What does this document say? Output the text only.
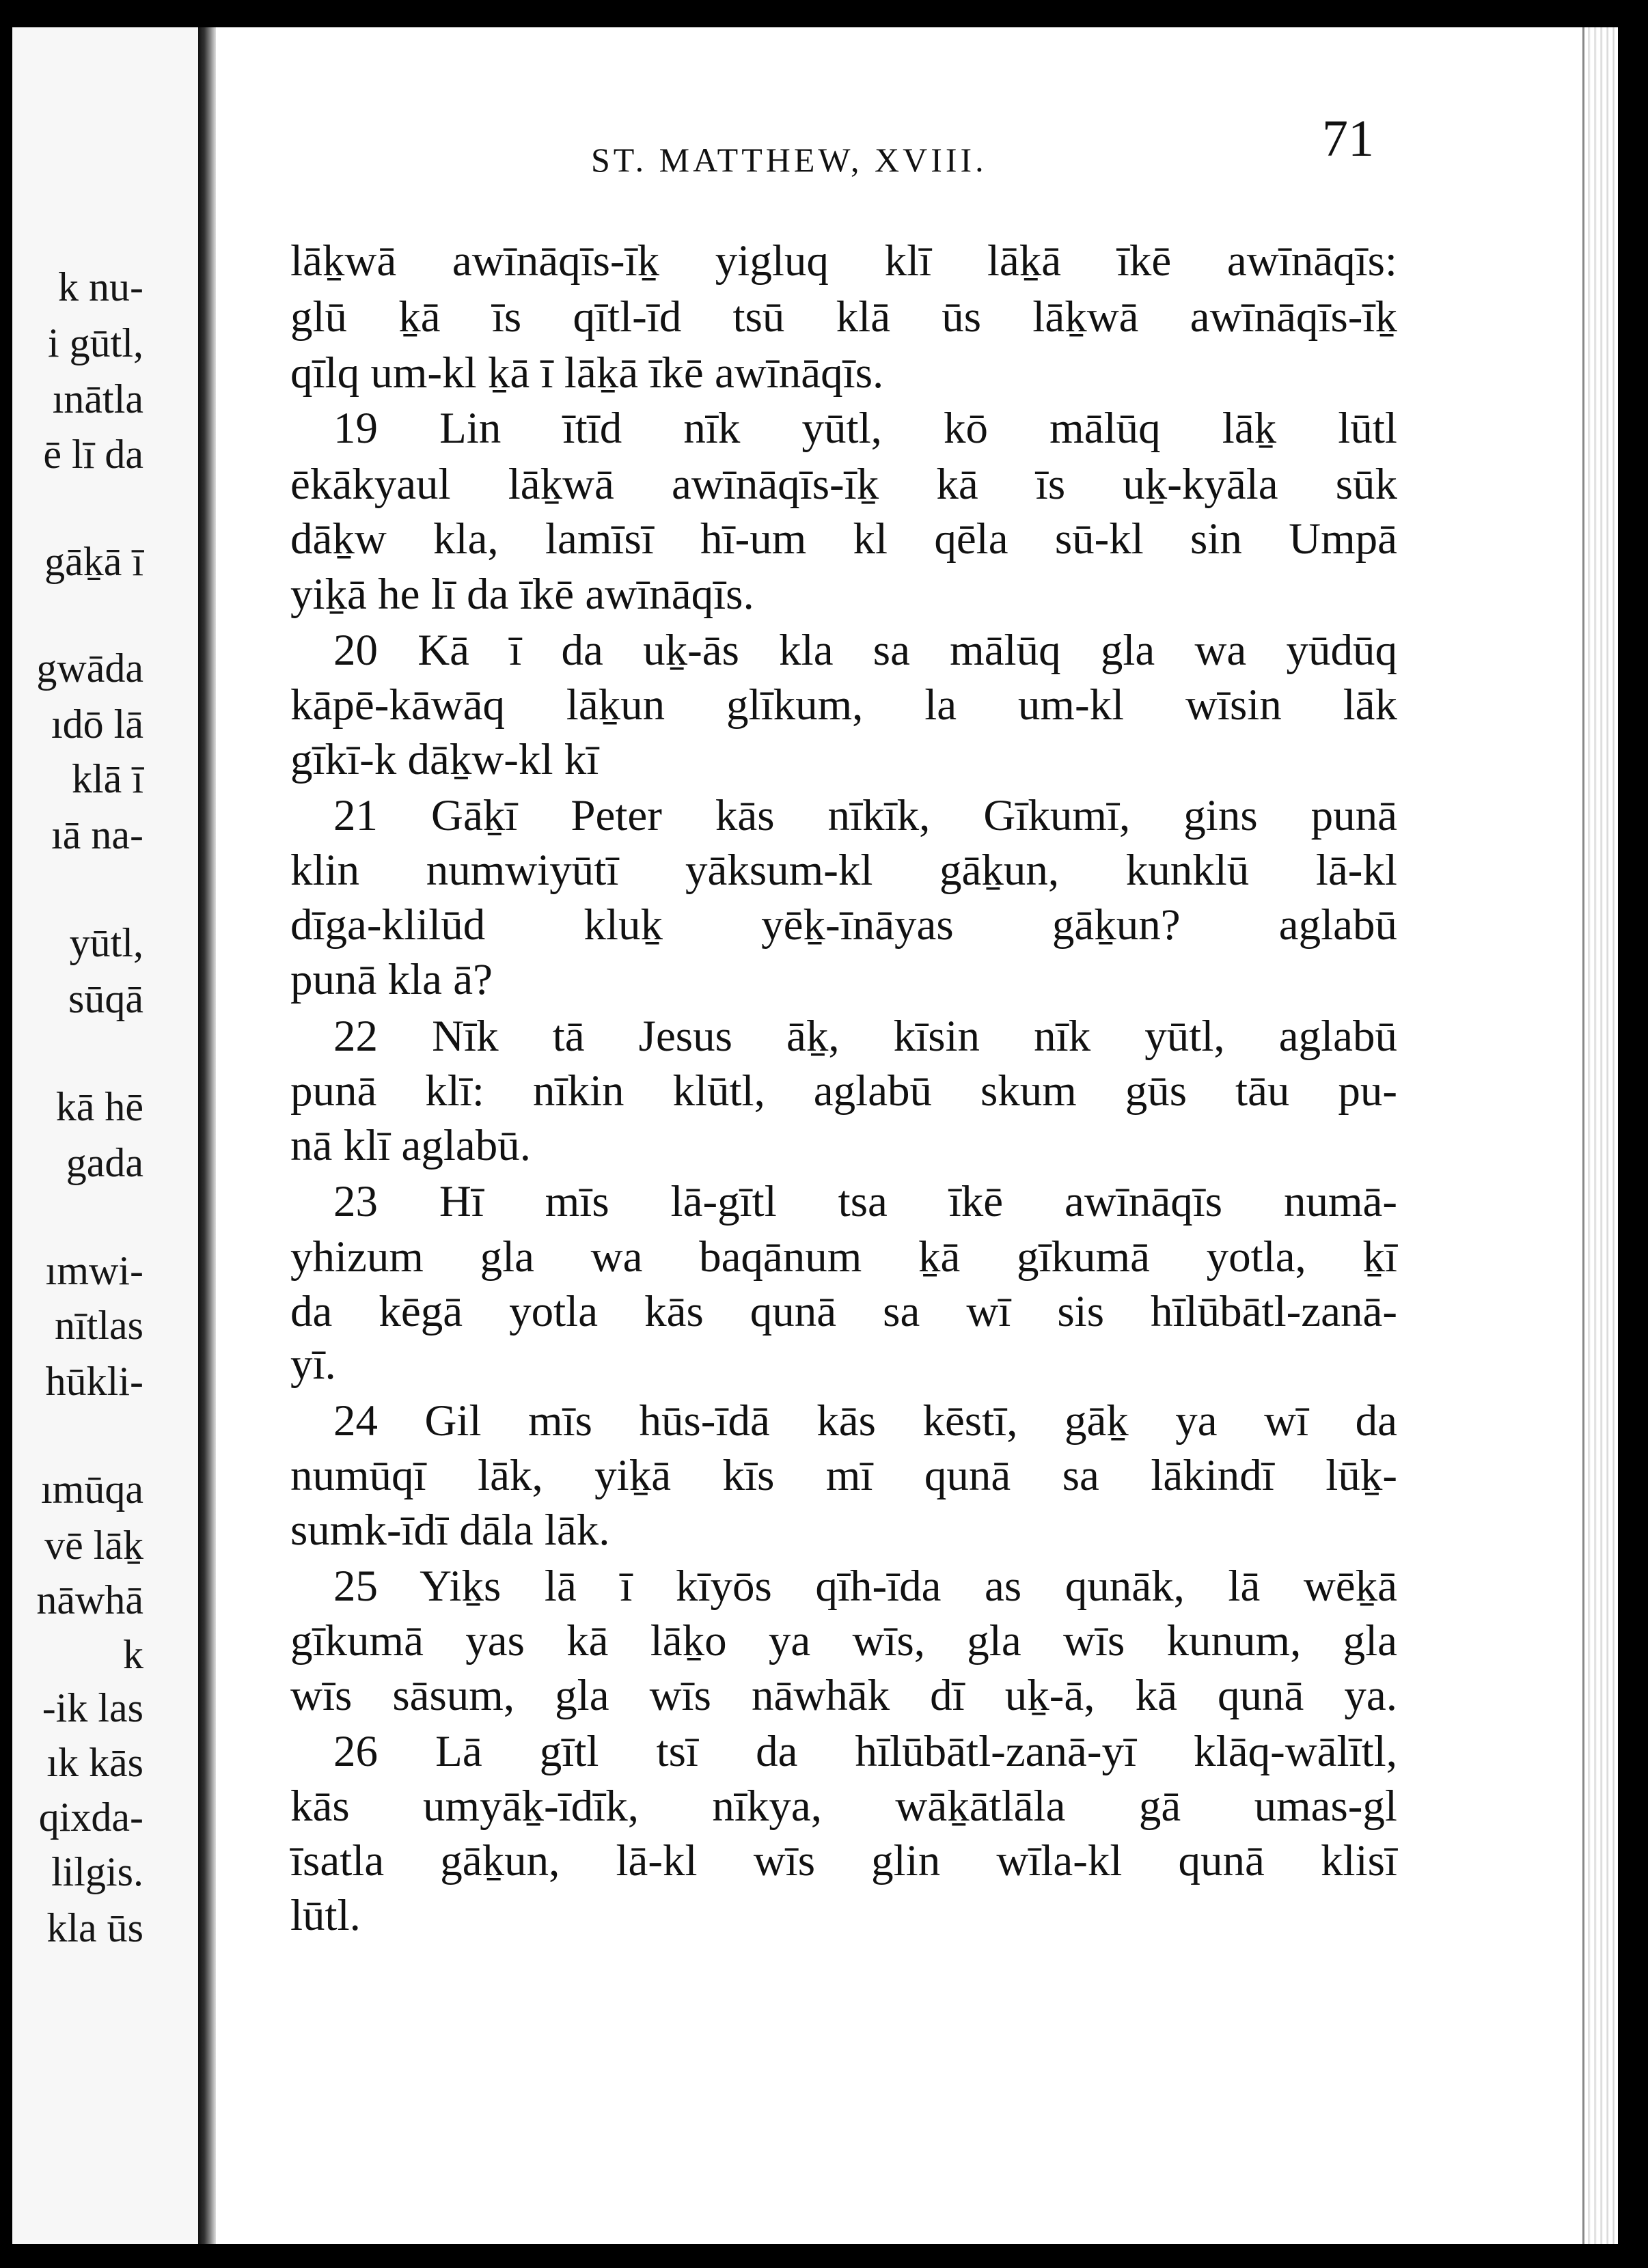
k nu-
i gūtl,
ınātla
ē lī da
gāḵā ī
gwāda
ıdō lā
klā ī
ıā na-
yūtl,
sūqā
kā hē
gada
ımwi-
nītlas
hūkli-
ımūqa
vē lāḵ
nāwhā
k
-ik las
ık kās
qixda-
lilgis.
kla ūs
ST. MATTHEW, XVIII.	71
lāḵwā awīnāqīs-īḵ yigluq klī lāḵā īkē awīnāqīs:
glū ḵā īs qītl-īd tsū klā ūs lāḵwā awīnāqīs-īḵ
qīlq um-kl ḵā ī lāḵā īkē awīnāqīs.
19 Lin ītīd nīk yūtl, kō mālūq lāḵ lūtl
ēkākyaul lāḵwā awīnāqīs-īḵ kā īs uḵ-kyāla sūk
dāḵw kla, lamīsī hī-um kl qēla sū-kl sin Umpā
yiḵā he lī da īkē awīnāqīs.
20 Kā ī da uḵ-ās kla sa mālūq gla wa yūdūq
kāpē-kāwāq lāḵun glīkum, la um-kl wīsin lāk
gīkī-k dāḵw-kl kī
21 Gāḵī Peter kās nīkīk, Gīkumī, gins punā
klin numwiyūtī yāksum-kl gāḵun, kunklū lā-kl
dīga-klilūd kluḵ yēḵ-īnāyas gāḵun? aglabū
punā kla ā?
22 Nīk tā Jesus āḵ, kīsin nīk yūtl, aglabū
punā klī: nīkin klūtl, aglabū skum gūs tāu pu-
nā klī aglabū.
23 Hī mīs lā-gītl tsa īkē awīnāqīs numā-
yhizum gla wa baqānum ḵā gīkumā yotla, ḵī
da kēgā yotla kās qunā sa wī sis hīlūbātl-zanā-
yī.
24 Gil mīs hūs-īdā kās kēstī, gāḵ ya wī da
numūqī lāk, yiḵā kīs mī qunā sa lākindī lūḵ-
sumk-īdī dāla lāk.
25 Yiḵs lā ī kīyōs qīh-īda as qunāk, lā wēḵā
gīkumā yas kā lāḵo ya wīs, gla wīs kunum, gla
wīs sāsum, gla wīs nāwhāk dī uḵ-ā, kā qunā ya.
26 Lā gītl tsī da hīlūbātl-zanā-yī klāq-wālītl,
kās umyāḵ-īdīk, nīkya, wāḵātlāla gā umas-gl
īsatla gāḵun, lā-kl wīs glin wīla-kl qunā klisī
lūtl.
